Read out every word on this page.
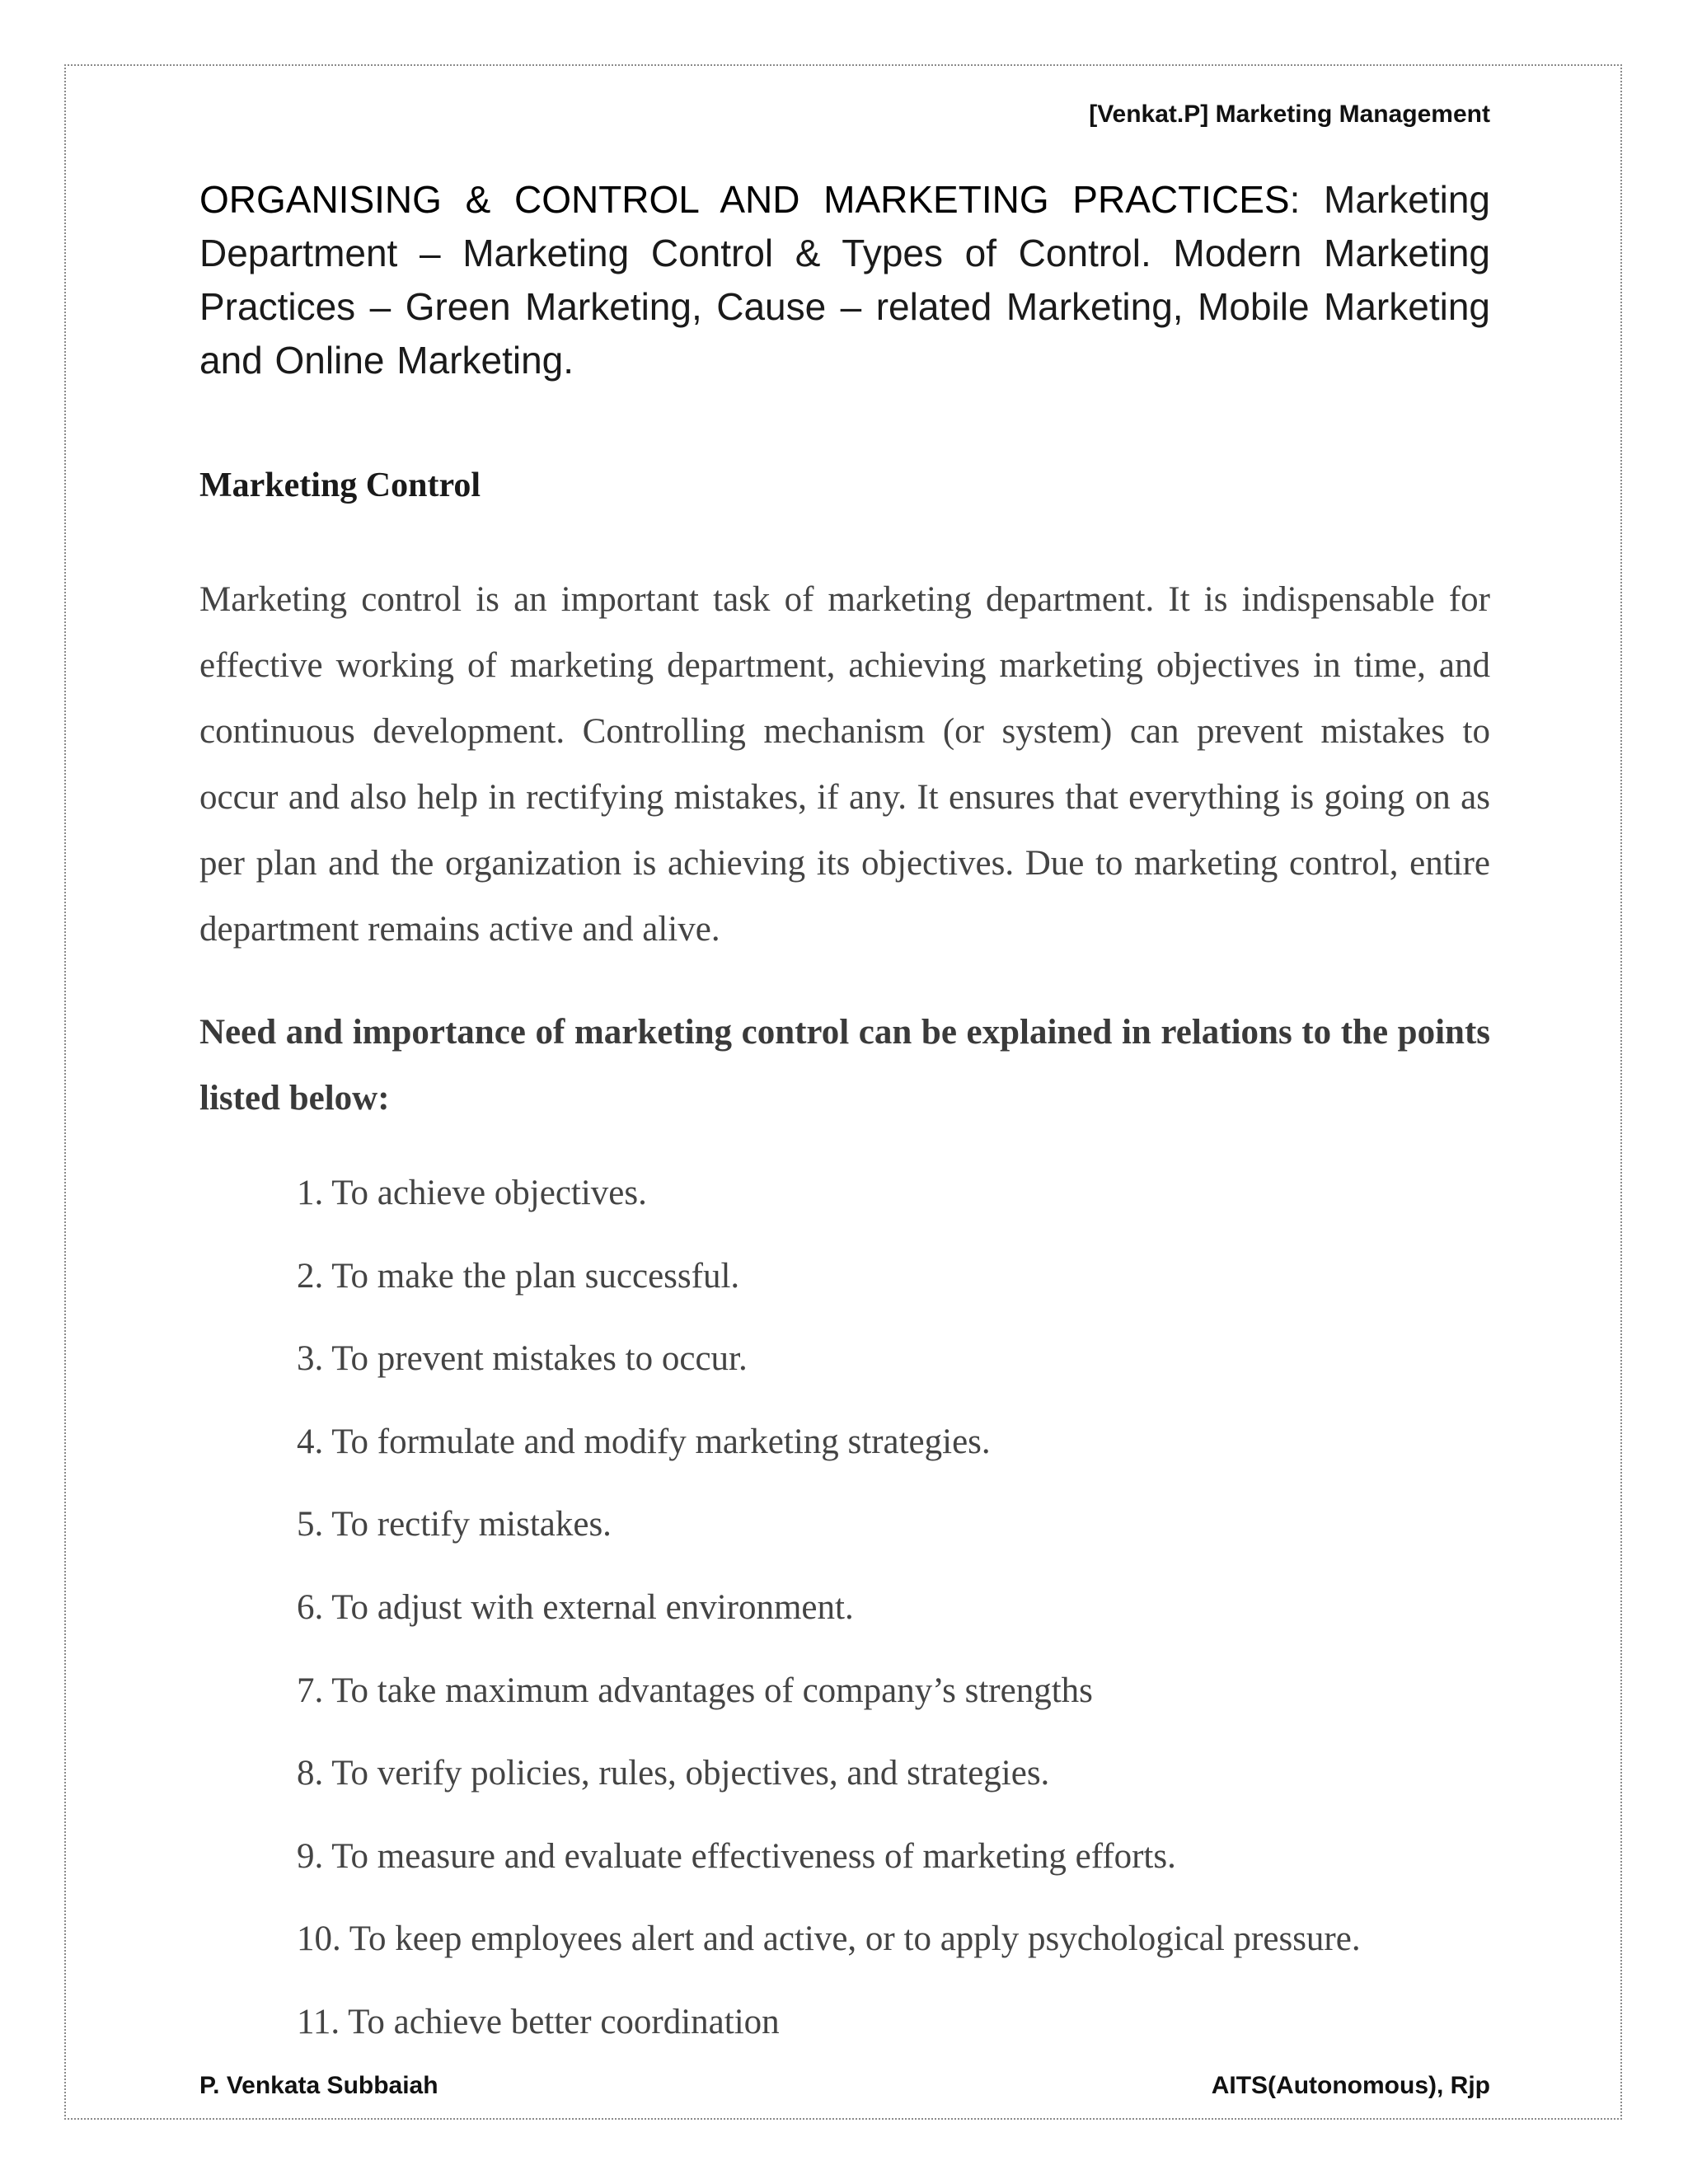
[Venkat.P] Marketing Management
ORGANISING & CONTROL AND MARKETING PRACTICES: Marketing Department – Marketing Control & Types of Control. Modern Marketing Practices – Green Marketing, Cause – related Marketing, Mobile Marketing and Online Marketing.
Marketing Control
Marketing control is an important task of marketing department. It is indispensable for effective working of marketing department, achieving marketing objectives in time, and continuous development. Controlling mechanism (or system) can prevent mistakes to occur and also help in rectifying mistakes, if any. It ensures that everything is going on as per plan and the organization is achieving its objectives. Due to marketing control, entire department remains active and alive.
Need and importance of marketing control can be explained in relations to the points listed below:
1. To achieve objectives.
2. To make the plan successful.
3. To prevent mistakes to occur.
4. To formulate and modify marketing strategies.
5. To rectify mistakes.
6. To adjust with external environment.
7. To take maximum advantages of company’s strengths
8. To verify policies, rules, objectives, and strategies.
9. To measure and evaluate effectiveness of marketing efforts.
10. To keep employees alert and active, or to apply psychological pressure.
11. To achieve better coordination
P. Venkata Subbaiah	AITS(Autonomous), Rjp
